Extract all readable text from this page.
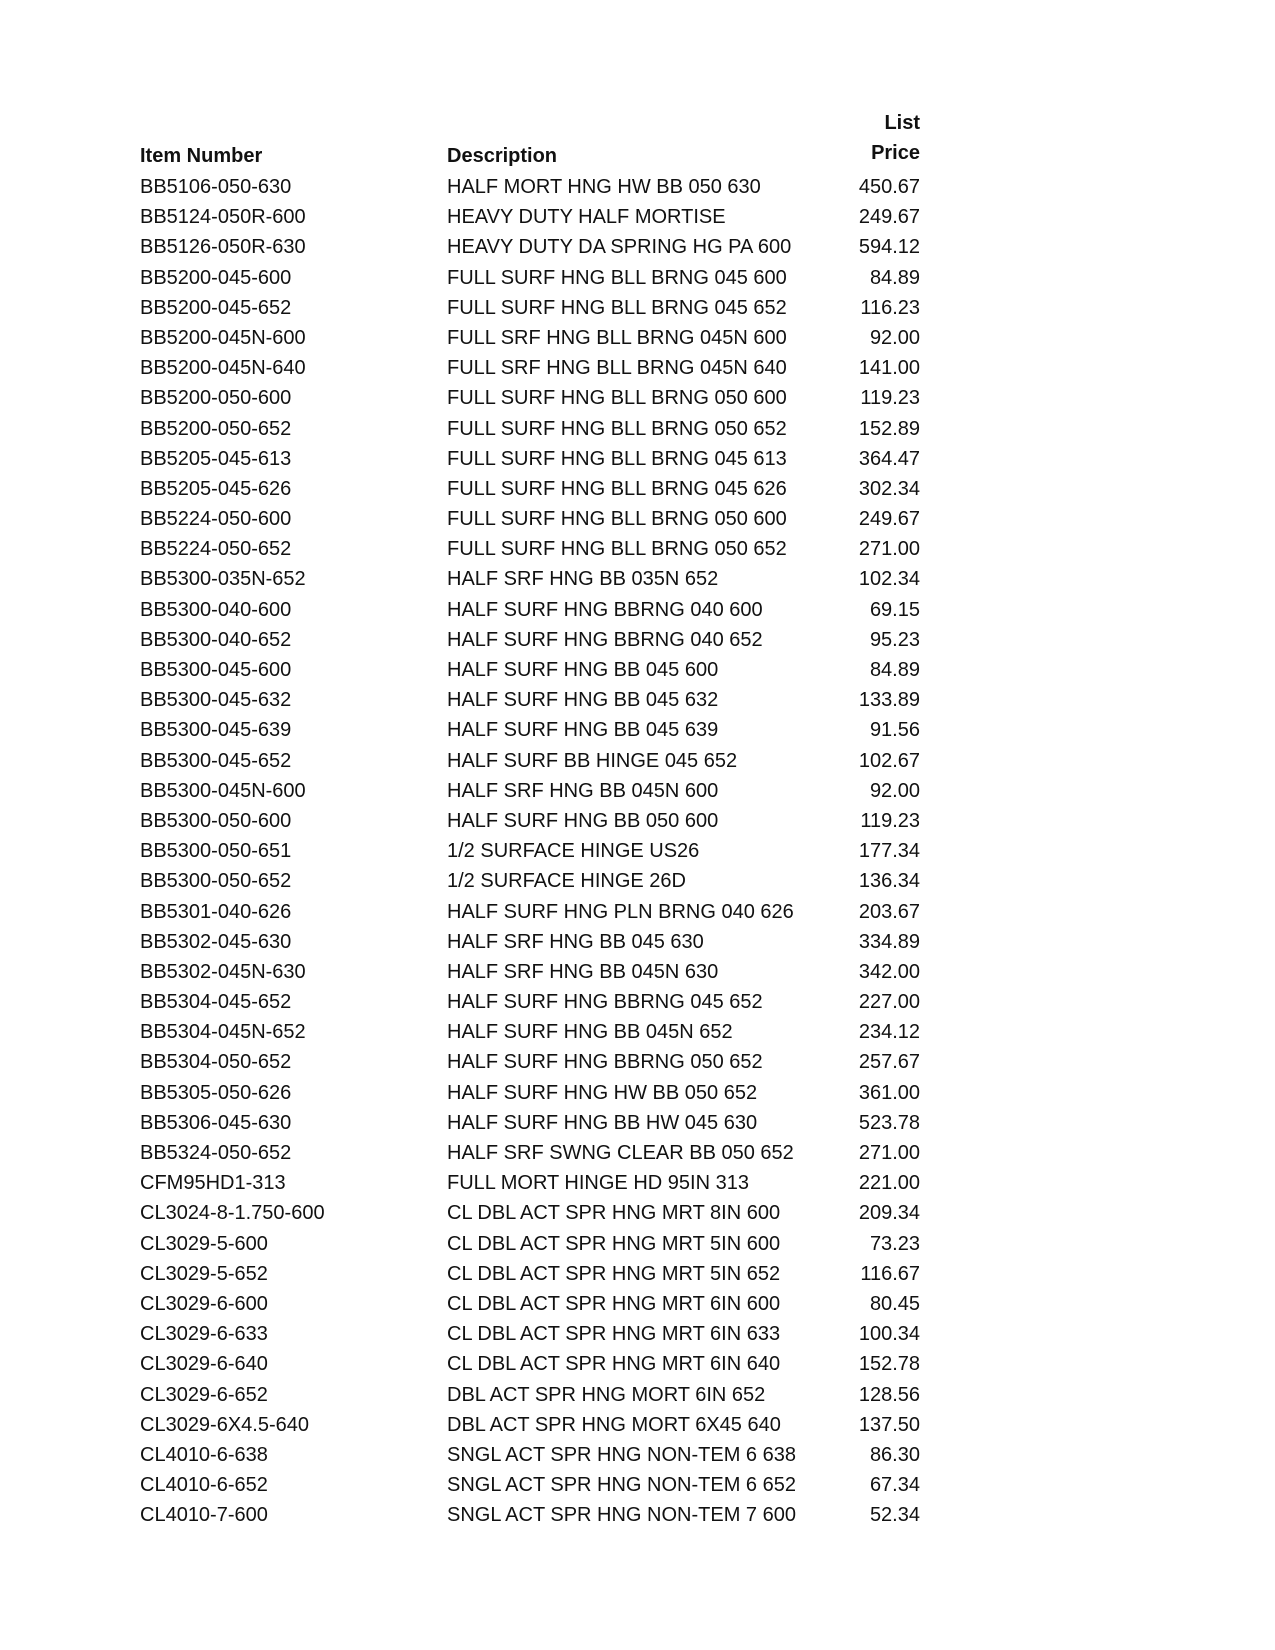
Item Number	Description
List
Price
BB5106-050-630	HALF MORT HNG HW BB 050 630	450.67
BB5124-050R-600	HEAVY DUTY HALF MORTISE	249.67
BB5126-050R-630	HEAVY DUTY DA SPRING HG PA 600	594.12
BB5200-045-600	FULL SURF HNG BLL BRNG 045 600	84.89
BB5200-045-652	FULL SURF HNG BLL BRNG 045 652	116.23
BB5200-045N-600	FULL SRF HNG BLL BRNG 045N 600	92.00
BB5200-045N-640	FULL SRF HNG BLL BRNG 045N 640	141.00
BB5200-050-600	FULL SURF HNG BLL BRNG 050 600	119.23
BB5200-050-652	FULL SURF HNG BLL BRNG 050 652	152.89
BB5205-045-613	FULL SURF HNG BLL BRNG 045 613	364.47
BB5205-045-626	FULL SURF HNG BLL BRNG 045 626	302.34
BB5224-050-600	FULL SURF HNG BLL BRNG 050 600	249.67
BB5224-050-652	FULL SURF HNG BLL BRNG 050 652	271.00
BB5300-035N-652	HALF SRF HNG BB 035N 652	102.34
BB5300-040-600	HALF SURF HNG BBRNG 040 600	69.15
BB5300-040-652	HALF SURF HNG BBRNG 040 652	95.23
BB5300-045-600	HALF SURF HNG BB 045 600	84.89
BB5300-045-632	HALF SURF HNG BB 045 632	133.89
BB5300-045-639	HALF SURF HNG BB 045 639	91.56
BB5300-045-652	HALF SURF BB HINGE 045 652	102.67
BB5300-045N-600	HALF SRF HNG BB 045N 600	92.00
BB5300-050-600	HALF SURF HNG BB 050 600	119.23
BB5300-050-651	1/2 SURFACE HINGE US26	177.34
BB5300-050-652	1/2 SURFACE HINGE 26D	136.34
BB5301-040-626	HALF SURF HNG PLN BRNG 040 626	203.67
BB5302-045-630	HALF SRF HNG BB 045 630	334.89
BB5302-045N-630	HALF SRF HNG BB 045N 630	342.00
BB5304-045-652	HALF SURF HNG BBRNG 045 652	227.00
BB5304-045N-652	HALF SURF HNG BB 045N 652	234.12
BB5304-050-652	HALF SURF HNG BBRNG 050 652	257.67
BB5305-050-626	HALF SURF HNG HW BB 050 652	361.00
BB5306-045-630	HALF SURF HNG BB HW 045 630	523.78
BB5324-050-652	HALF SRF SWNG CLEAR BB 050 652	271.00
CFM95HD1-313	FULL MORT HINGE HD 95IN 313	221.00
CL3024-8-1.750-600	CL DBL ACT SPR HNG MRT 8IN 600	209.34
CL3029-5-600	CL DBL ACT SPR HNG MRT 5IN 600	73.23
CL3029-5-652	CL DBL ACT SPR HNG MRT 5IN 652	116.67
CL3029-6-600	CL DBL ACT SPR HNG MRT 6IN 600	80.45
CL3029-6-633	CL DBL ACT SPR HNG MRT 6IN 633	100.34
CL3029-6-640	CL DBL ACT SPR HNG MRT 6IN 640	152.78
CL3029-6-652	DBL ACT SPR HNG MORT 6IN 652	128.56
CL3029-6X4.5-640	DBL ACT SPR HNG MORT 6X45 640	137.50
CL4010-6-638	SNGL ACT SPR HNG NON-TEM 6 638	86.30
CL4010-6-652	SNGL ACT SPR HNG NON-TEM 6 652	67.34
CL4010-7-600	SNGL ACT SPR HNG NON-TEM 7 600	52.34
